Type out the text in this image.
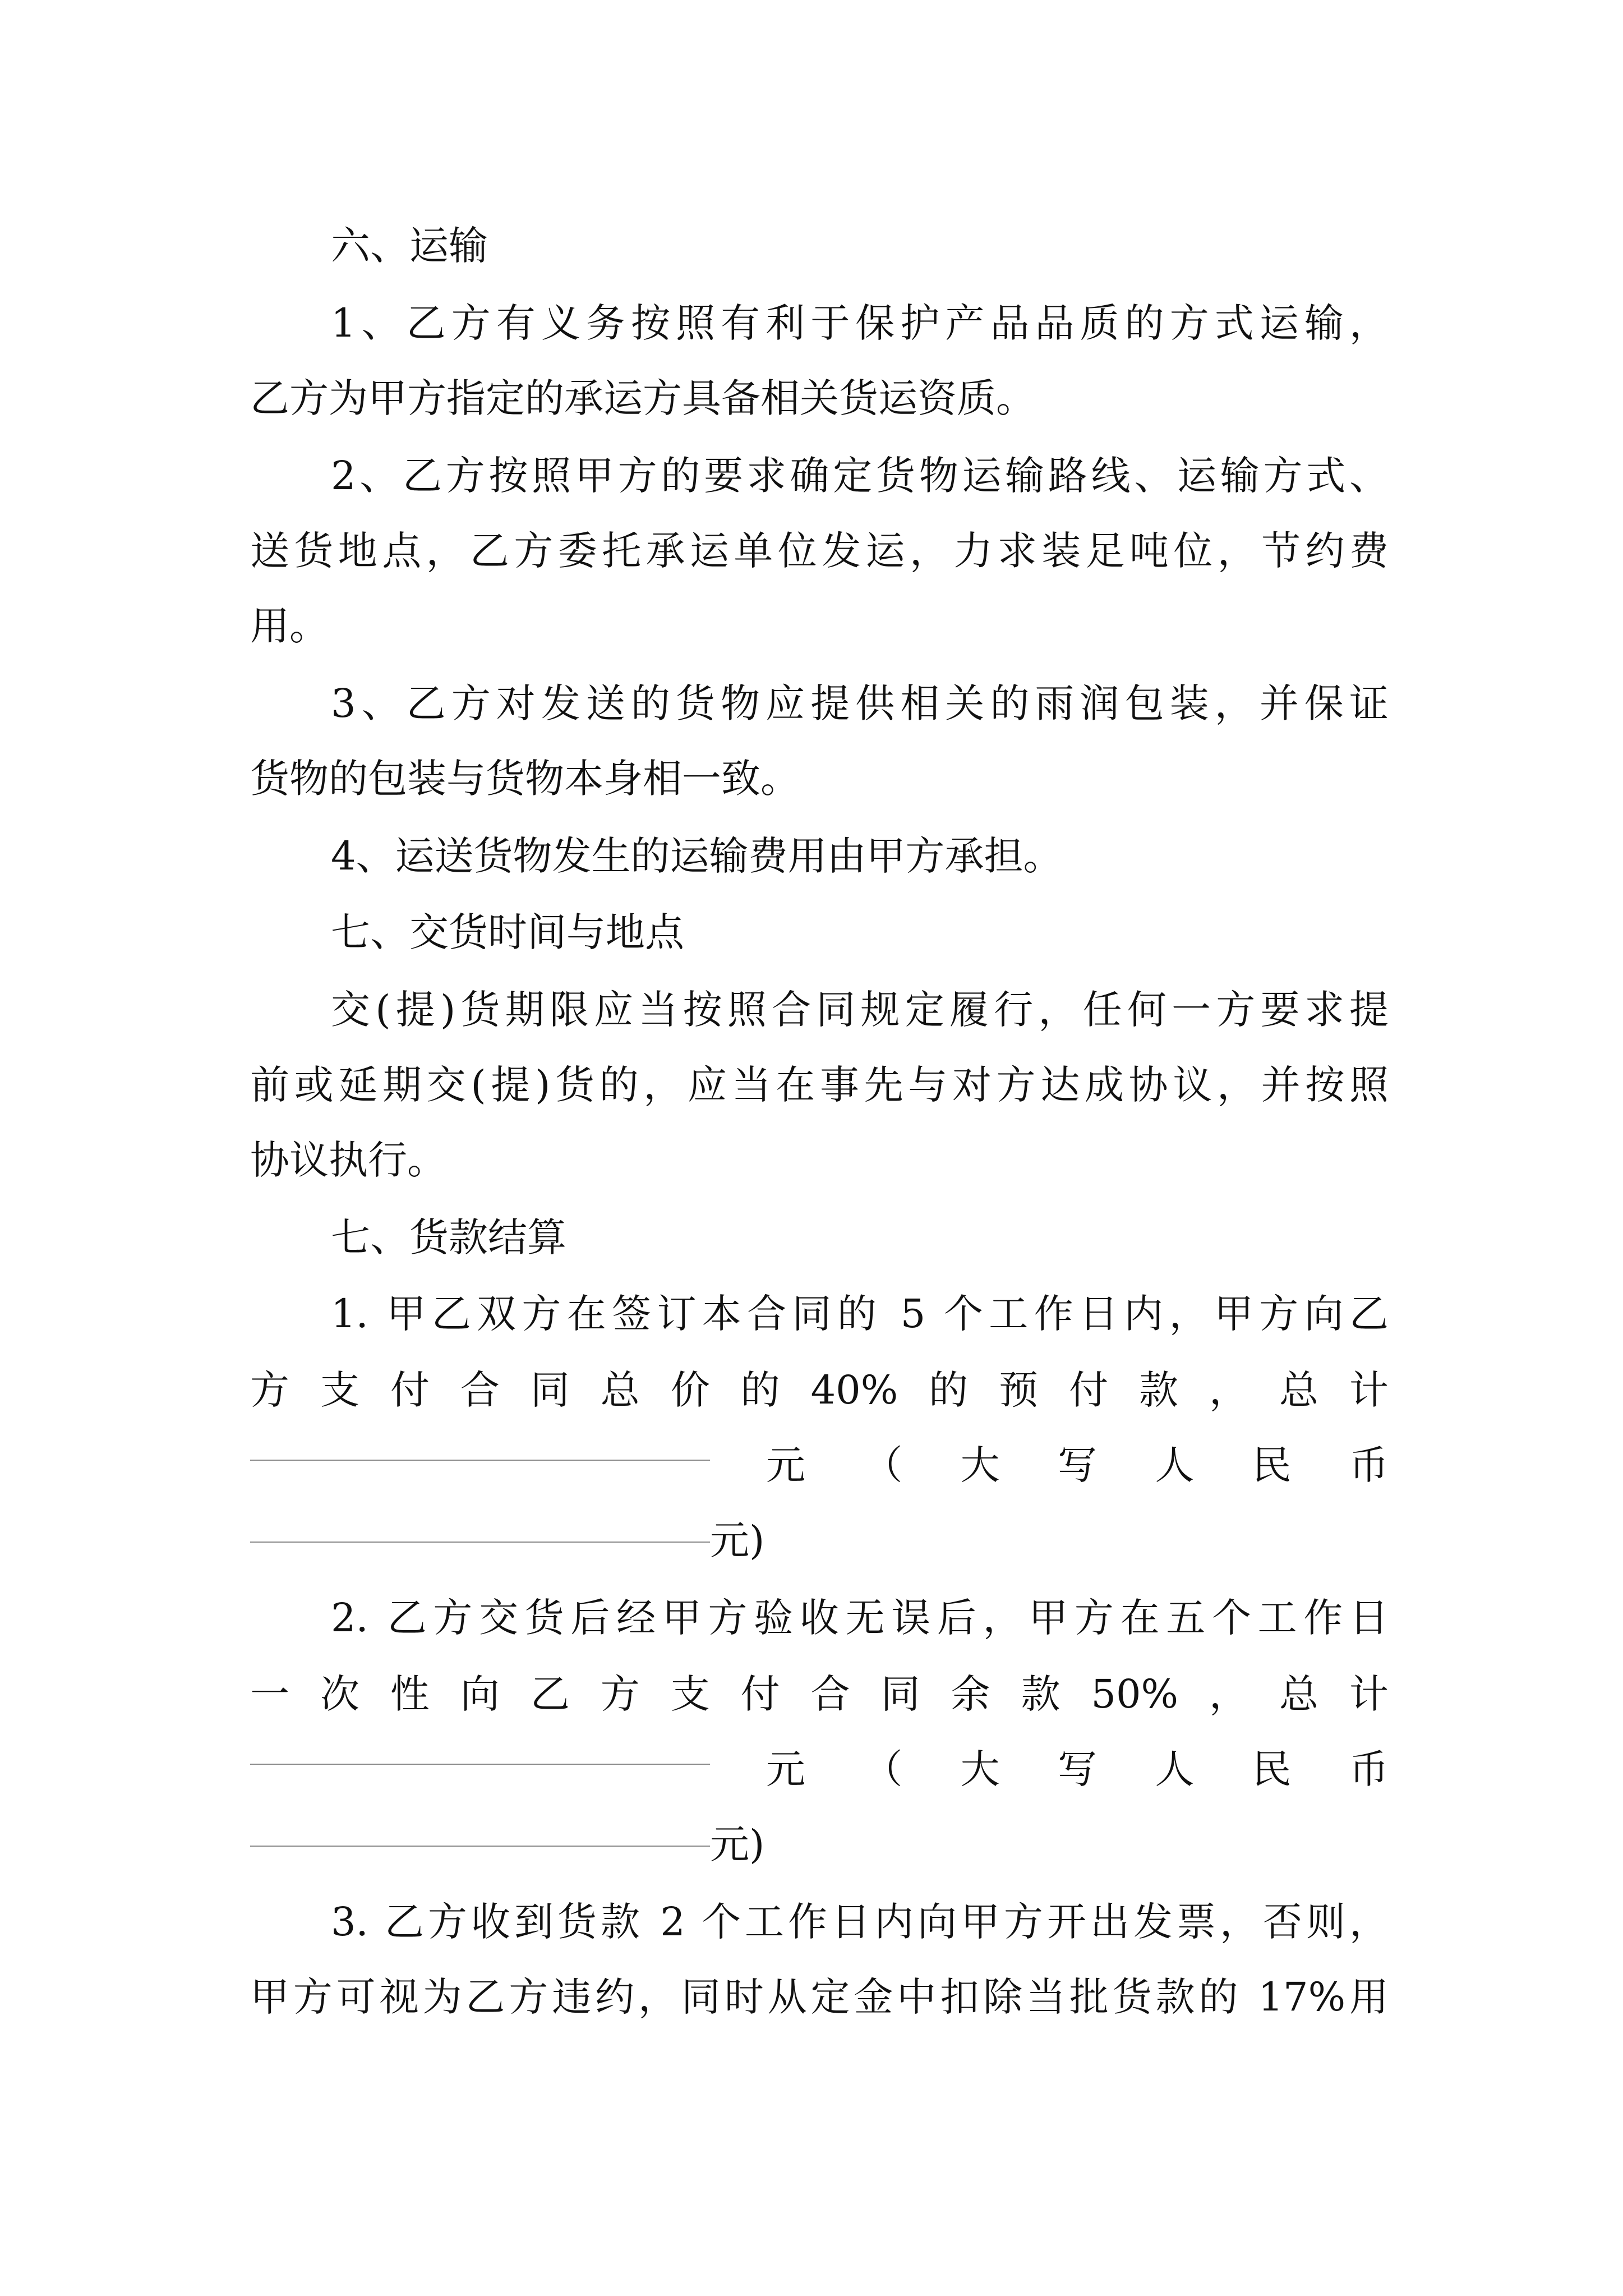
六、运输
1、乙方有义务按照有利于保护产品品质的方式运输，
乙方为甲方指定的承运方具备相关货运资质。
2、乙方按照甲方的要求确定货物运输路线、运输方式、
送货地点，乙方委托承运单位发运，力求装足吨位，节约费
用。
3、乙方对发送的货物应提供相关的雨润包装，并保证
货物的包装与货物本身相一致。
4、运送货物发生的运输费用由甲方承担。
七、交货时间与地点
交(提)货期限应当按照合同规定履行，任何一方要求提
前或延期交(提)货的，应当在事先与对方达成协议，并按照
协议执行。
七、货款结算
1. 甲乙双方在签订本合同的 5 个工作日内，甲方向乙
方 支 付 合 同 总 价 的 40% 的 预 付 款 ， 总 计
元 （ 大 写 人 民 币
元)
2. 乙方交货后经甲方验收无误后，甲方在五个工作日
一 次 性 向 乙 方 支 付 合 同 余 款 50% ， 总 计
元 （ 大 写 人 民 币
元)
3. 乙方收到货款 2 个工作日内向甲方开出发票，否则，
甲方可视为乙方违约，同时从定金中扣除当批货款的 17%用
